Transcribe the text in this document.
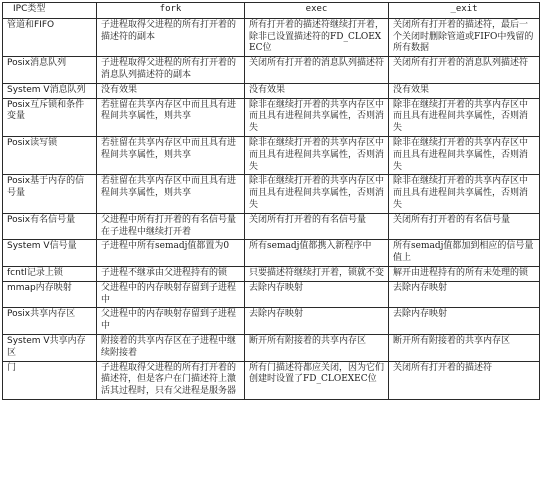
IPC类型	fork	exec	_exit
管道和FIFO	子进程取得父进程的所有打开着的描述符的副本	所有打开着的描述符继续打开着，除非已设置描述符的FD_CLOEXEC位	关闭所有打开着的描述符，最后一个关闭时删除管道或FIFO中残留的所有数据
Posix消息队列	子进程取得父进程的所有打开着的消息队列描述符的副本	关闭所有打开着的消息队列描述符	关闭所有打开着的消息队列描述符
System V消息队列	没有效果	没有效果	没有效果
Posix互斥锁和条件变量	若驻留在共享内存区中而且具有进程间共享属性，则共享	除非在继续打开着的共享内存区中而且具有进程间共享属性，否则消失	除非在继续打开着的共享内存区中而且具有进程间共享属性，否则消失
Posix读写锁	若驻留在共享内存区中而且具有进程间共享属性，则共享	除非在继续打开着的共享内存区中而且具有进程间共享属性，否则消失	除非在继续打开着的共享内存区中而且具有进程间共享属性，否则消失
Posix基于内存的信号量	若驻留在共享内存区中而且具有进程间共享属性，则共享	除非在继续打开着的共享内存区中而且具有进程间共享属性，否则消失	除非在继续打开着的共享内存区中而且具有进程间共享属性，否则消失
Posix有名信号量	父进程中所有打开着的有名信号量在子进程中继续打开着	关闭所有打开着的有名信号量	关闭所有打开着的有名信号量
System V信号量	子进程中所有semadj值都置为0	所有semadj值都携入新程序中	所有semadj值都加到相应的信号量值上
fcntl记录上锁	子进程不继承由父进程持有的锁	只要描述符继续打开着，锁就不变	解开由进程持有的所有未处理的锁
mmap内存映射	父进程中的内存映射存留到子进程中	去除内存映射	去除内存映射
Posix共享内存区	父进程中的内存映射存留到子进程中	去除内存映射	去除内存映射
System V共享内存区	附接着的共享内存区在子进程中继续附接着	断开所有附接着的共享内存区	断开所有附接着的共享内存区
门	子进程取得父进程的所有打开着的描述符，但是客户在门描述符上激活其过程时，只有父进程是服务器	所有门描述符都应关闭，因为它们创建时设置了FD_CLOEXEC位	关闭所有打开着的描述符
